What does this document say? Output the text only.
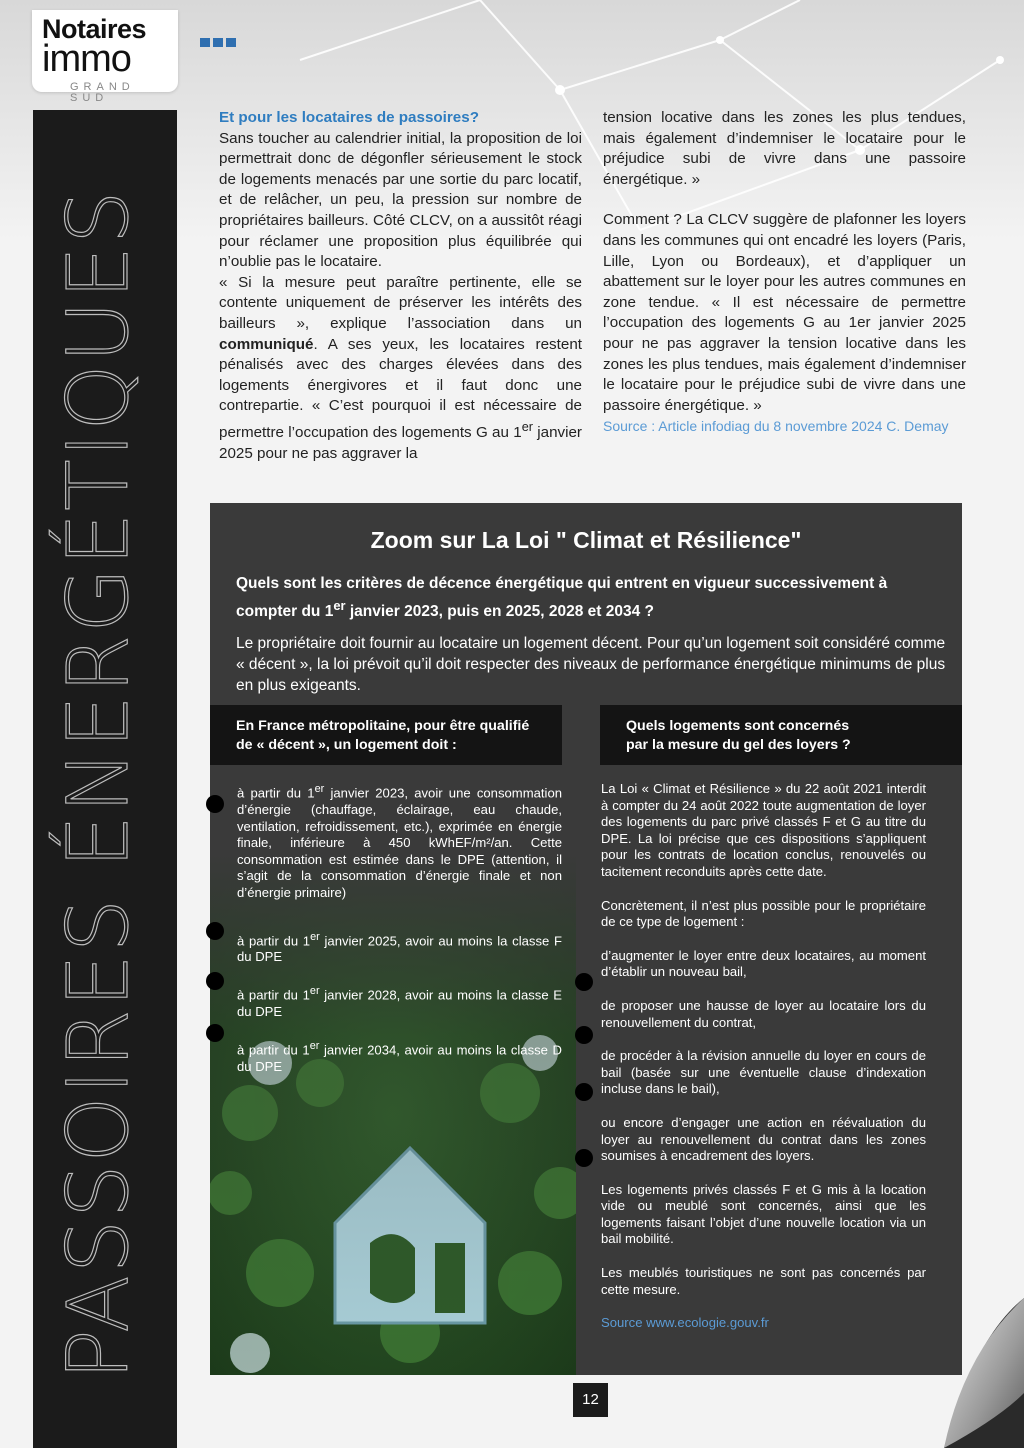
Notaires
immo
GRAND SUD
PASSOIRES ÉNERGÉTIQUES

Et pour les locataires de passoires?

Sans toucher au calendrier initial, la proposition de loi permettrait donc de dégonfler sérieusement le stock de logements menacés par une sortie du parc locatif, et de relâcher, un peu, la pression sur nombre de propriétaires bailleurs. Côté CLCV, on a aussitôt réagi pour réclamer une proposition plus équilibrée qui n’oublie pas le locataire.

« Si la mesure peut paraître pertinente, elle se contente uniquement de préserver les intérêts des bailleurs », explique l’association dans un communiqué. A ses yeux, les locataires restent pénalisés avec des charges élevées dans des logements énergivores et il faut donc une contrepartie. « C’est pourquoi il est nécessaire de permettre l’occupation des logements G au 1er janvier 2025 pour ne pas aggraver la

tension locative dans les zones les plus tendues, mais également d’indemniser le locataire pour le préjudice subi de vivre dans une passoire énergétique. »

Comment ? La CLCV suggère de plafonner les loyers dans les communes qui ont encadré les loyers (Paris, Lille, Lyon ou Bordeaux), et d’appliquer un abattement sur le loyer pour les autres communes en zone tendue. « Il est nécessaire de permettre l’occupation des logements G au 1er janvier 2025 pour ne pas aggraver la tension locative dans les zones les plus tendues, mais également d’indemniser le locataire pour le préjudice subi de vivre dans une passoire énergétique. »

Source : Article infodiag du 8 novembre 2024 C. Demay

Zoom sur La Loi " Climat et Résilience"
Quels sont les critères de décence énergétique qui entrent en vigueur successivement à compter du 1er janvier 2023, puis en 2025, 2028 et 2034 ?
Le propriétaire doit fournir au locataire un logement décent. Pour qu’un logement soit considéré comme « décent », la loi prévoit qu’il doit respecter des niveaux de performance énergétique minimums de plus en plus exigeants.
En France métropolitaine, pour être qualifié
de « décent », un logement doit :
Quels logements sont concernés
par la mesure du gel des loyers ?

à partir du 1er janvier 2023, avoir une consommation d’énergie (chauffage, éclairage, eau chaude, ventilation, refroidissement, etc.), exprimée en énergie finale, inférieure à 450 kWhEF/m²/an. Cette consommation est estimée dans le DPE (attention, il s’agit de la consommation d’énergie finale et non d’énergie primaire)

à partir du 1er janvier 2025, avoir au moins la classe F du DPE

à partir du 1er janvier 2028, avoir au moins la classe E du DPE

à partir du 1er janvier 2034, avoir au moins la classe D du DPE

La Loi « Climat et Résilience » du 22 août 2021 interdit à compter du 24 août 2022 toute augmentation de loyer des logements du parc privé classés F et G au titre du DPE. La loi précise que ces dispositions s’appliquent pour les contrats de location conclus, renouvelés ou tacitement reconduits après cette date.

Concrètement, il n’est plus possible pour le propriétaire de ce type de logement :

d’augmenter le loyer entre deux locataires, au moment d’établir un nouveau bail,

de proposer une hausse de loyer au locataire lors du renouvellement du contrat,

de procéder à la révision annuelle du loyer en cours de bail (basée sur une éventuelle clause d’indexation incluse dans le bail),

ou encore d’engager une action en réévaluation du loyer au renouvellement du contrat dans les zones soumises à encadrement des loyers.

Les logements privés classés F et G mis à la location vide ou meublé sont concernés, ainsi que les logements faisant l’objet d’une nouvelle location via un bail mobilité.

Les meublés touristiques ne sont pas concernés par cette mesure.

Source www.ecologie.gouv.fr

12
